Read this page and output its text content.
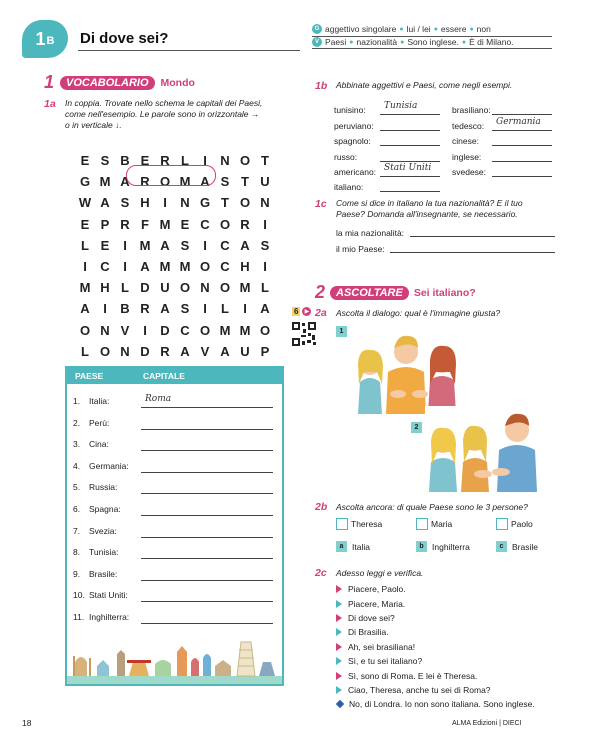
1 B Di dove sei?
G aggettivo singolare ● lui / lei ● essere ● non
V Paesi ● nazionalità ● Sono inglese. ● È di Milano.
1	VOCABOLARIO	Mondo
1a In coppia. Trovate nello schema le capitali dei Paesi,
come nell'esempio. Le parole sono in orizzontale →
o in verticale ↓.
E S B E R L	I	N O T
G M A R O M A S T U
W A S H	I	N G T O N
E P R F M E C O R	I
L E	I M A S	I	C A S
I	C	I	A M M O C H	I
M H L D U O N O M L
A	I	B R A S	I	L	I	A
O N V	I	D C O M M O
L O N D R A V A U P
PAESE	CAPITALE
1.	Italia:	Roma
2.	Perù:
3.	Cina:
4.	Germania:
5.	Russia:
6.	Spagna:
7.	Svezia:
8.	Tunisia:
9.	Brasile:
10. Stati Uniti:
11. Inghilterra:
1b Abbinate aggettivi e Paesi, come negli esempi.
tunisino:	Tunisia
peruviano:
spagnolo:
russo:
americano: Stati Uniti
italiano:
brasiliano:
tedesco:	Germania
cinese:
inglese:
svedese:
1c Come si dice in italiano la tua nazionalità? E il tuo
Paese? Domanda all'insegnante, se necessario.
la mia nazionalità:
il mio Paese:
2	ASCOLTARE	Sei italiano?
6	▶ 2a Ascolta il dialogo: qual è l'immagine giusta?
1
2
2b Ascolta ancora: di quale Paese sono le 3 persone?
Theresa	Maria	Paolo
a	Italia	b Inghilterra	c	Brasile
2c Adesso leggi e verifica.
Piacere, Paolo.
Piacere, Maria.
Di dove sei?
Di Brasilia.
Ah, sei brasiliana!
Sì, e tu sei italiano?
Sì, sono di Roma. E lei è Theresa.
Ciao, Theresa, anche tu sei di Roma?
No, di Londra. Io non sono italiana. Sono inglese.
18	ALMA Edizioni | DIECI
